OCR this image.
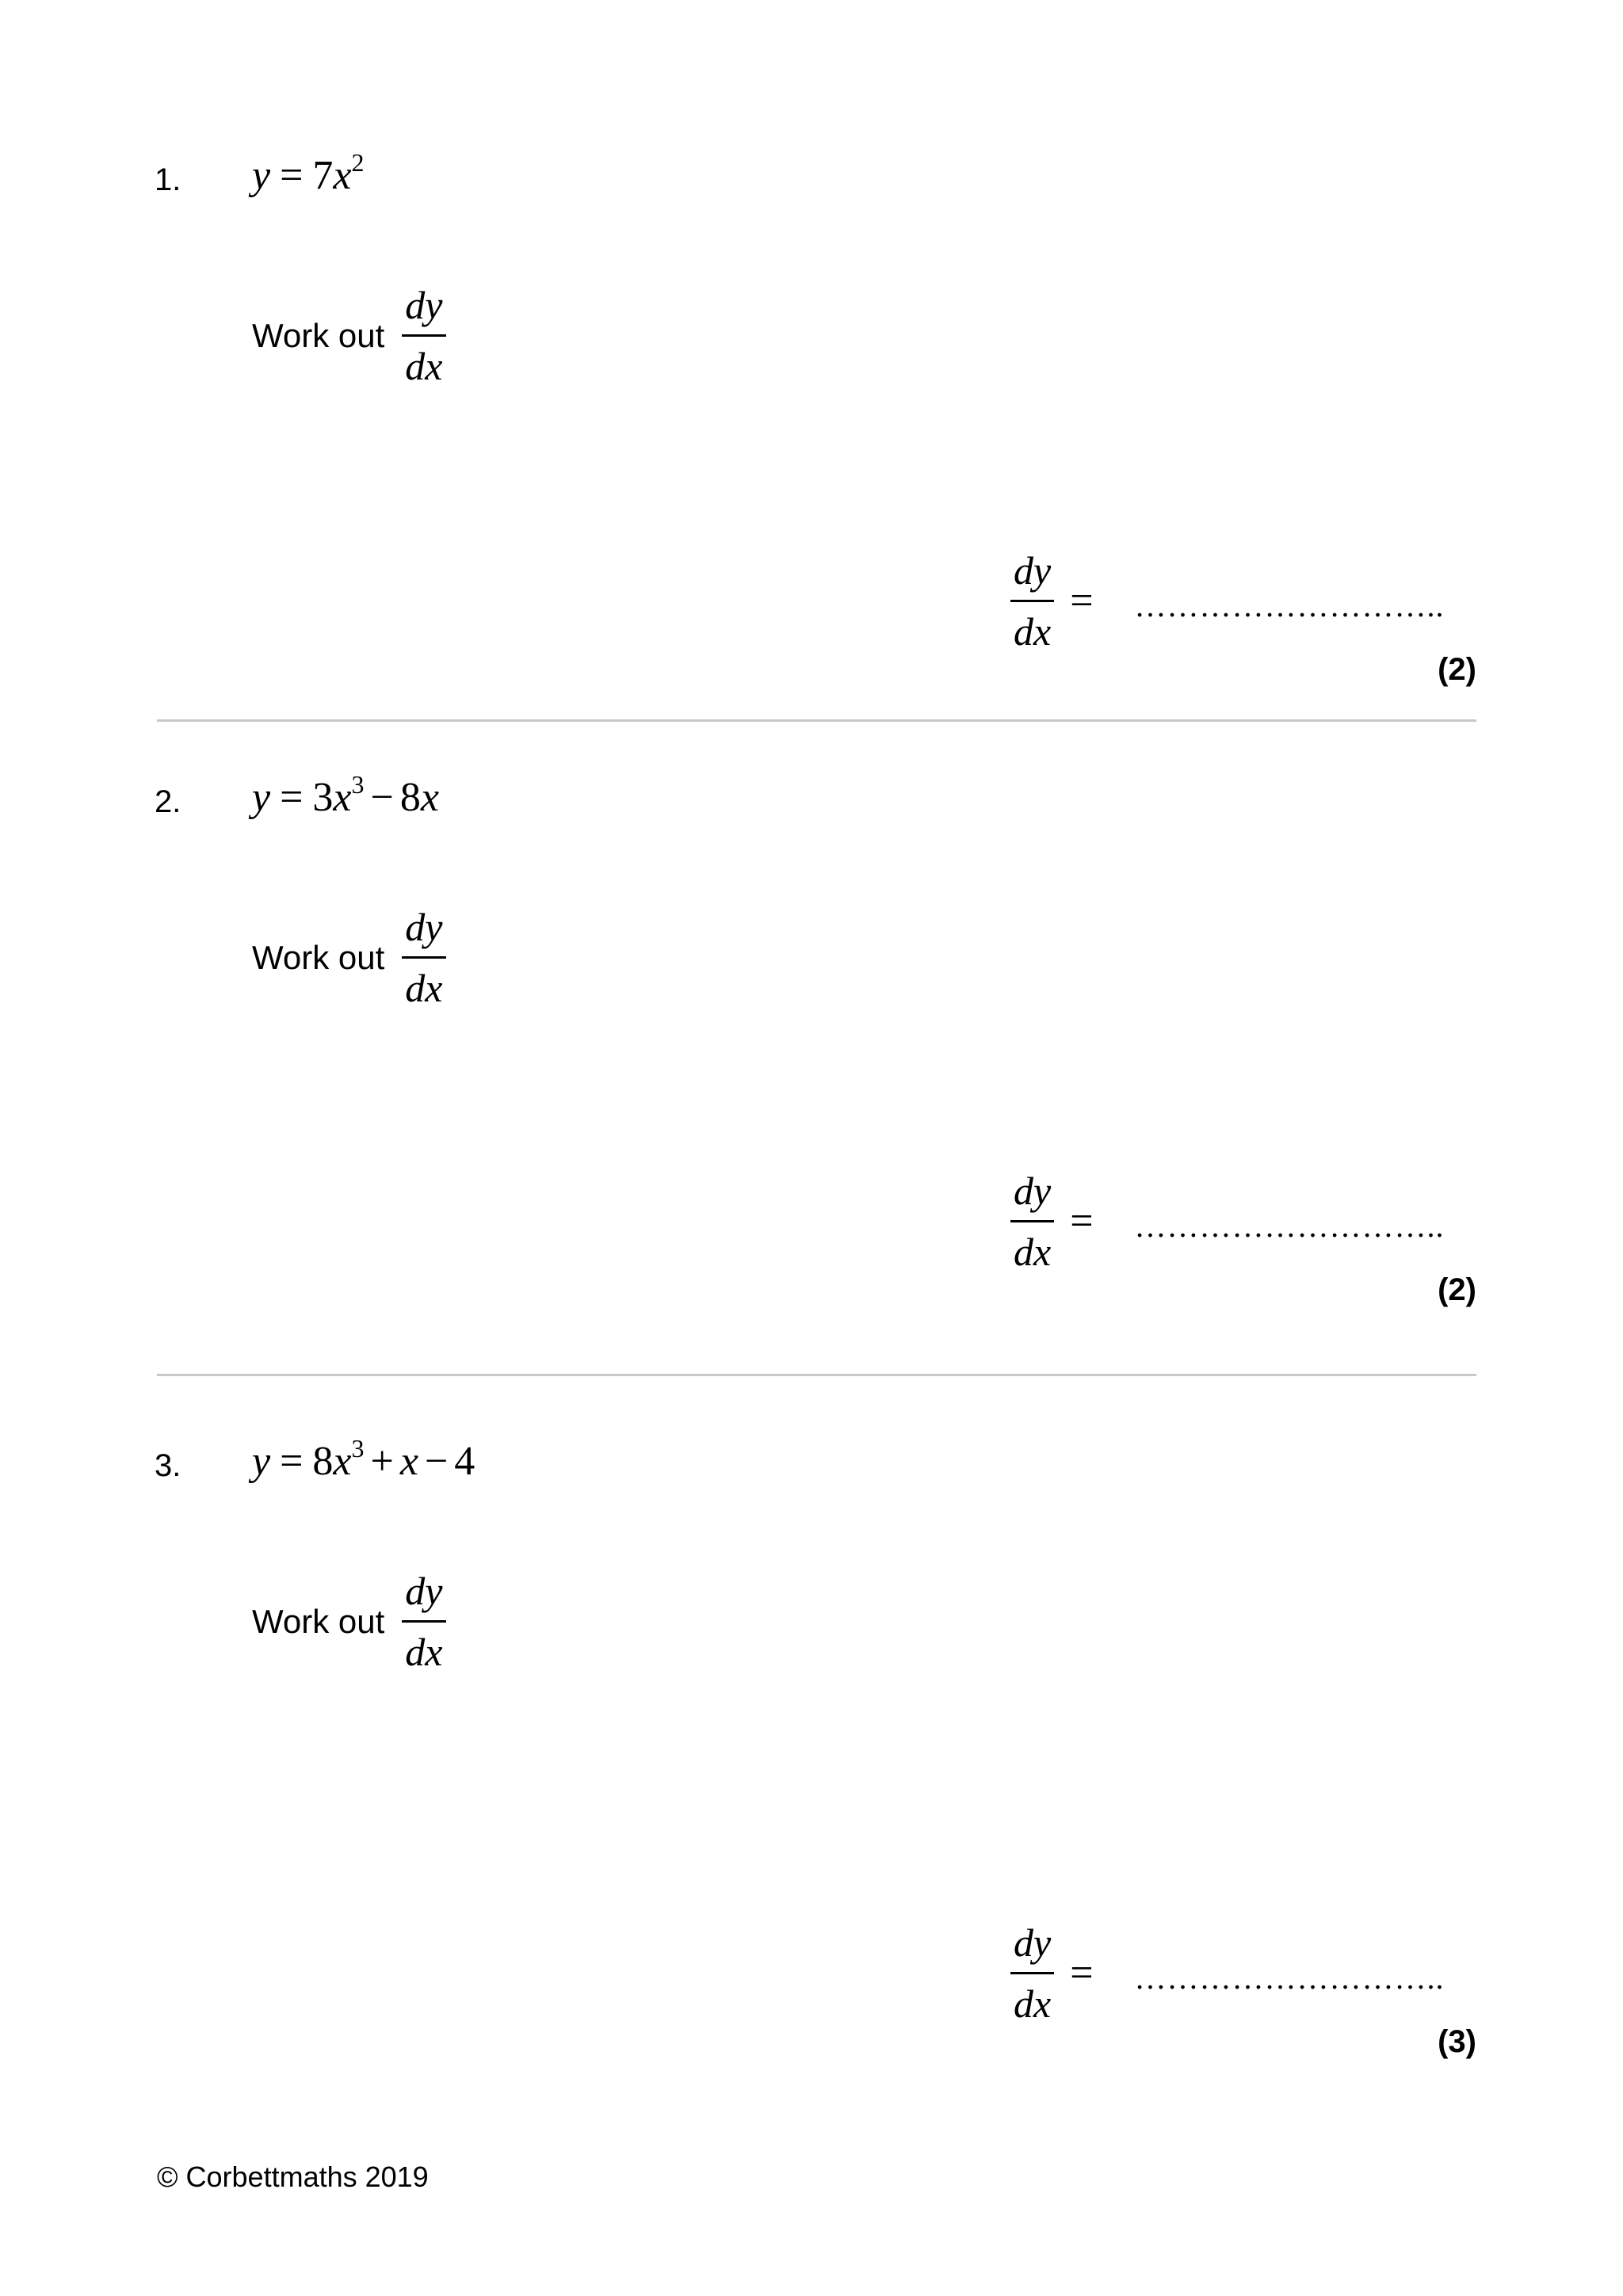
1. $y = 7x^2$
Work out $\frac{dy}{dx}$
$\frac{dy}{dx}$ = ………………………..
(2)
2. $y = 3x^3 - 8x$
Work out $\frac{dy}{dx}$
$\frac{dy}{dx}$ = ………………………..
(2)
3. $y = 8x^3 + x - 4$
Work out $\frac{dy}{dx}$
$\frac{dy}{dx}$ = ………………………..
(3)
© Corbettmaths 2019
